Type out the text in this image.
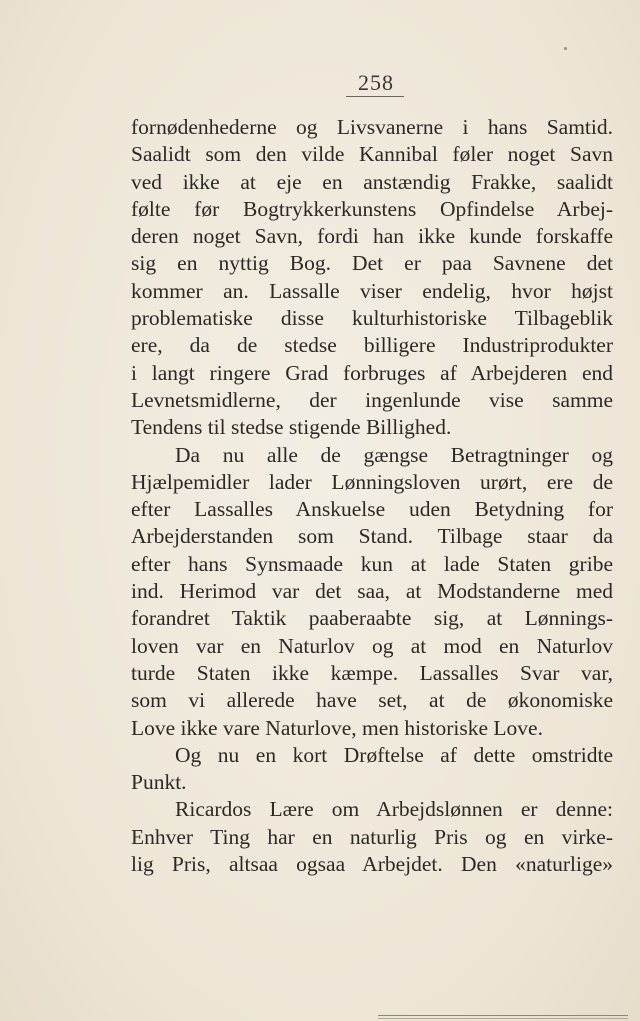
258

fornødenhederne og Livsvanerne i hans Samtid.
Saalidt som den vilde Kannibal føler noget Savn
ved ikke at eje en anstændig Frakke, saalidt
følte før Bogtrykkerkunstens Opfindelse Arbej-
deren noget Savn, fordi han ikke kunde forskaffe
sig en nyttig Bog. Det er paa Savnene det
kommer an. Lassalle viser endelig, hvor højst
problematiske disse kulturhistoriske Tilbageblik
ere, da de stedse billigere Industriprodukter
i langt ringere Grad forbruges af Arbejderen end
Levnetsmidlerne, der ingenlunde vise samme
Tendens til stedse stigende Billighed.

Da nu alle de gængse Betragtninger og
Hjælpemidler lader Lønningsloven urørt, ere de
efter Lassalles Anskuelse uden Betydning for
Arbejderstanden som Stand. Tilbage staar da
efter hans Synsmaade kun at lade Staten gribe
ind. Herimod var det saa, at Modstanderne med
forandret Taktik paaberaabte sig, at Lønnings-
loven var en Naturlov og at mod en Naturlov
turde Staten ikke kæmpe. Lassalles Svar var,
som vi allerede have set, at de økonomiske
Love ikke vare Naturlove, men historiske Love.

Og nu en kort Drøftelse af dette omstridte
Punkt.

Ricardos Lære om Arbejdslønnen er denne:
Enhver Ting har en naturlig Pris og en virke-
lig Pris, altsaa ogsaa Arbejdet. Den «naturlige»
